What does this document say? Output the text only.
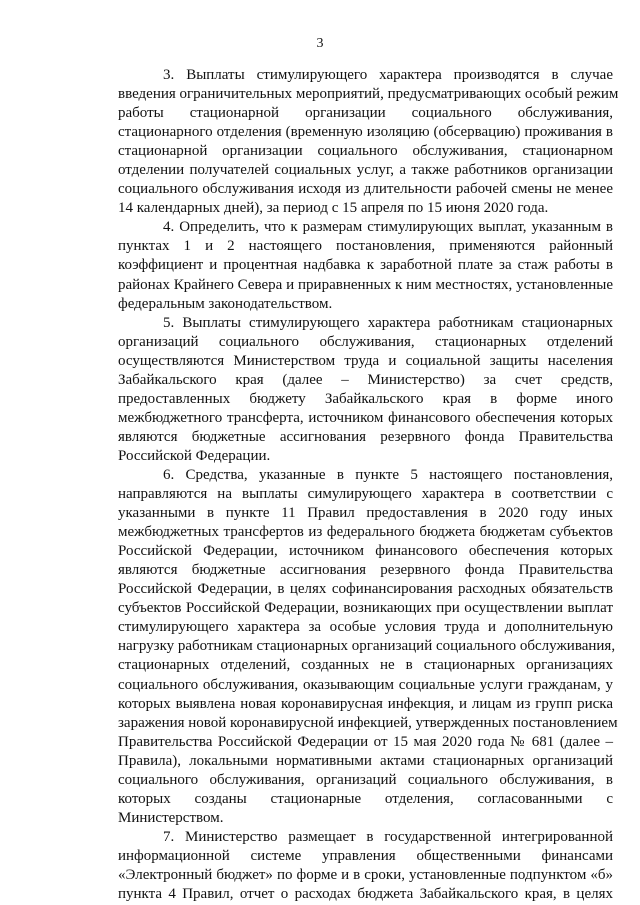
3
3. Выплаты стимулирующего характера производятся в случае
введения ограничительных мероприятий, предусматривающих особый режим
работы стационарной организации социального обслуживания,
стационарного отделения (временную изоляцию (обсервацию) проживания в
стационарной организации социального обслуживания, стационарном
отделении получателей социальных услуг, а также работников организации
социального обслуживания исходя из длительности рабочей смены не менее
14 календарных дней), за период с 15 апреля по 15 июня 2020 года.
4. Определить, что к размерам стимулирующих выплат, указанным в
пунктах 1 и 2 настоящего постановления, применяются районный
коэффициент и процентная надбавка к заработной плате за стаж работы в
районах Крайнего Севера и приравненных к ним местностях, установленные
федеральным законодательством.
5. Выплаты стимулирующего характера работникам стационарных
организаций социального обслуживания, стационарных отделений
осуществляются Министерством труда и социальной защиты населения
Забайкальского края (далее – Министерство) за счет средств,
предоставленных бюджету Забайкальского края в форме иного
межбюджетного трансферта, источником финансового обеспечения которых
являются бюджетные ассигнования резервного фонда Правительства
Российской Федерации.
6. Средства, указанные в пункте 5 настоящего постановления,
направляются на выплаты симулирующего характера в соответствии с
указанными в пункте 11 Правил предоставления в 2020 году иных
межбюджетных трансфертов из федерального бюджета бюджетам субъектов
Российской Федерации, источником финансового обеспечения которых
являются бюджетные ассигнования резервного фонда Правительства
Российской Федерации, в целях софинансирования расходных обязательств
субъектов Российской Федерации, возникающих при осуществлении выплат
стимулирующего характера за особые условия труда и дополнительную
нагрузку работникам стационарных организаций социального обслуживания,
стационарных отделений, созданных не в стационарных организациях
социального обслуживания, оказывающим социальные услуги гражданам, у
которых выявлена новая коронавирусная инфекция, и лицам из групп риска
заражения новой коронавирусной инфекцией, утвержденных постановлением
Правительства Российской Федерации от 15 мая 2020 года № 681 (далее –
Правила), локальными нормативными актами стационарных организаций
социального обслуживания, организаций социального обслуживания, в
которых созданы стационарные отделения, согласованными с
Министерством.
7. Министерство размещает в государственной интегрированной
информационной системе управления общественными финансами
«Электронный бюджет» по форме и в сроки, установленные подпунктом «б»
пункта 4 Правил, отчет о расходах бюджета Забайкальского края, в целях
